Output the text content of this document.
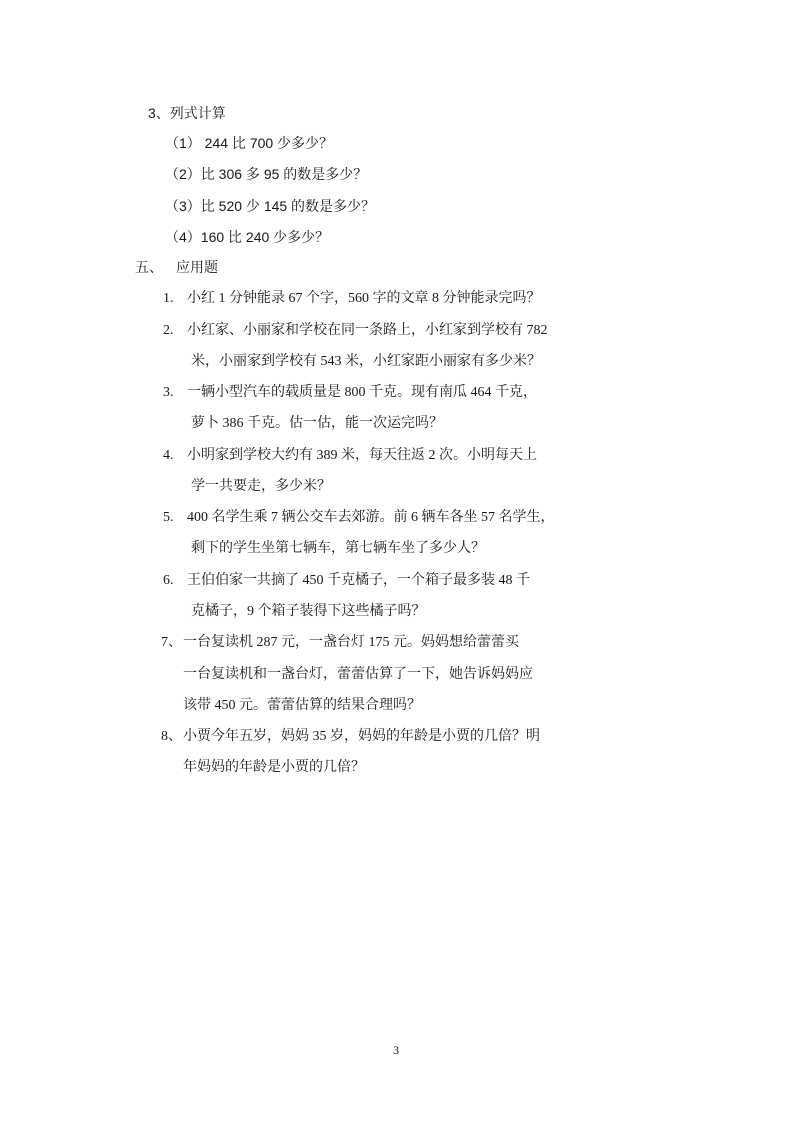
3、列式计算
（1） 244 比 700 少多少？
（2）比 306 多 95 的数是多少？
（3）比 520 少 145 的数是多少？
（4）160 比 240 少多少？
五、 应用题
1. 小红 1 分钟能录 67 个字，560 字的文章 8 分钟能录完吗？
2. 小红家、小丽家和学校在同一条路上，小红家到学校有 782
米，小丽家到学校有 543 米，小红家距小丽家有多少米？
3. 一辆小型汽车的载质量是 800 千克。现有南瓜 464 千克，
萝卜 386 千克。估一估，能一次运完吗？
4. 小明家到学校大约有 389 米，每天往返 2 次。小明每天上
学一共要走，多少米？
5. 400 名学生乘 7 辆公交车去郊游。前 6 辆车各坐 57 名学生，
剩下的学生坐第七辆车，第七辆车坐了多少人？
6. 王伯伯家一共摘了 450 千克橘子，一个箱子最多装 48 千
克橘子，9 个箱子装得下这些橘子吗？
7、 一台复读机 287 元，一盏台灯 175 元。妈妈想给蕾蕾买
一台复读机和一盏台灯，蕾蕾估算了一下，她告诉妈妈应
该带 450 元。蕾蕾估算的结果合理吗？
8、 小贾今年五岁，妈妈 35 岁，妈妈的年龄是小贾的几倍？明
年妈妈的年龄是小贾的几倍？
3
